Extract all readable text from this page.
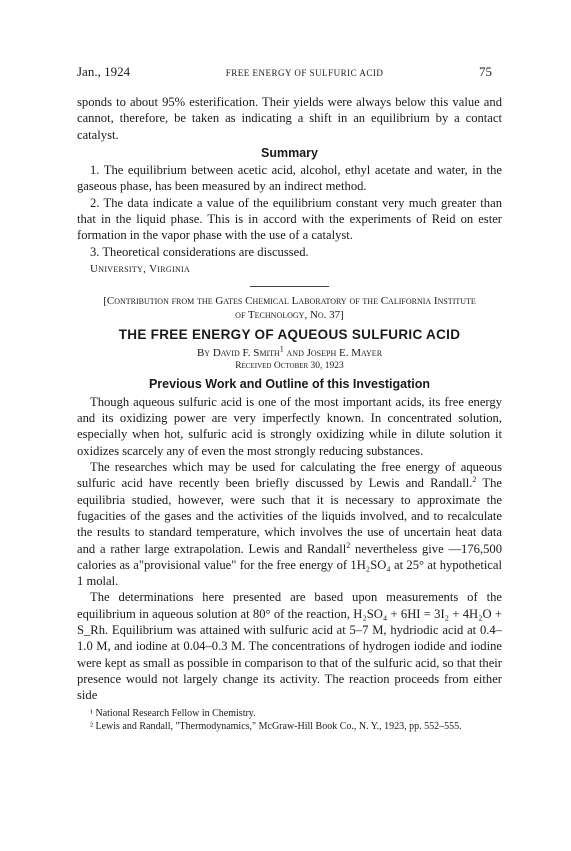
Jan., 1924	FREE ENERGY OF SULFURIC ACID	75

sponds to about 95% esterification. Their yields were always below this value and cannot, therefore, be taken as indicating a shift in an equilibrium by a contact catalyst.

Summary

1. The equilibrium between acetic acid, alcohol, ethyl acetate and water, in the gaseous phase, has been measured by an indirect method.

2. The data indicate a value of the equilibrium constant very much greater than that in the liquid phase. This is in accord with the experiments of Reid on ester formation in the vapor phase with the use of a catalyst.

3. Theoretical considerations are discussed.

University, Virginia
[Contribution from the Gates Chemical Laboratory of the California Institute
of Technology, No. 37]
THE FREE ENERGY OF AQUEOUS SULFURIC ACID
By David F. Smith$^1$ and Joseph E. Mayer
Received October 30, 1923
Previous Work and Outline of this Investigation

Though aqueous sulfuric acid is one of the most important acids, its free energy and its oxidizing power are very imperfectly known. In concentrated solution, especially when hot, sulfuric acid is strongly oxidizing while in dilute solution it oxidizes scarcely any of even the most strongly reducing substances.

The researches which may be used for calculating the free energy of aqueous sulfuric acid have recently been briefly discussed by Lewis and Randall.$^2$ The equilibria studied, however, were such that it is necessary to approximate the fugacities of the gases and the activities of the liquids involved, and to recalculate the results to standard temperature, which involves the use of uncertain heat data and a rather large extrapolation. Lewis and Randall$^2$ nevertheless give —176,500 calories as a"provisional value" for the free energy of 1H₂SO₄ at 25° at hypothetical 1 molal.

The determinations here presented are based upon measurements of the equilibrium in aqueous solution at 80° of the reaction, H₂SO₄ + 6HI = 3I₂ + 4H₂O + S_Rh. Equilibrium was attained with sulfuric acid at 5–7 M, hydriodic acid at 0.4–1.0 M, and iodine at 0.04–0.3 M. The concentrations of hydrogen iodide and iodine were kept as small as possible in comparison to that of the sulfuric acid, so that their presence would not largely change its activity. The reaction proceeds from either side

¹ National Research Fellow in Chemistry.

² Lewis and Randall, "Thermodynamics," McGraw-Hill Book Co., N. Y., 1923, pp. 552–555.
